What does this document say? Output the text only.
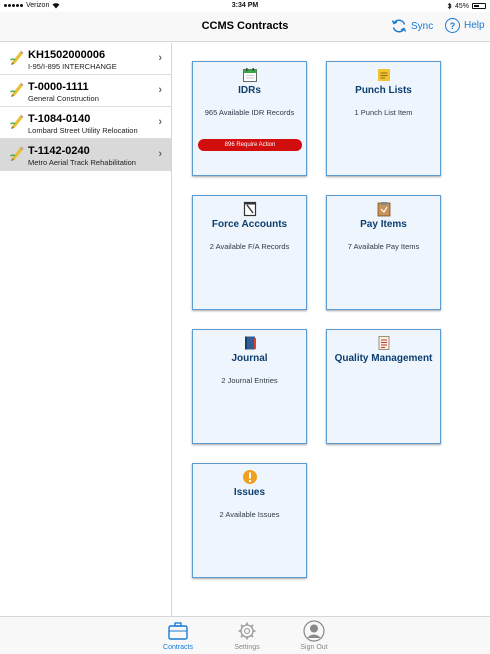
Verizon	3:34 PM	45%
CCMS Contracts	Sync	? Help
KH1502000006
I-95/I-895 INTERCHANGE
›
T-0000-1111
General Construction
›
T-1084-0140
Lombard Street Utility Relocation
›
T-1142-0240
Metro Aerial Track Rehabilitation
›
IDRs
965 Available IDR Records
896 Require Action
Punch Lists
1 Punch List Item
Force Accounts
2 Available F/A Records
Pay Items
7 Available Pay Items
Journal
2 Journal Entries
Quality Management
Issues
2 Available Issues
Contracts	Settings	Sign Out
